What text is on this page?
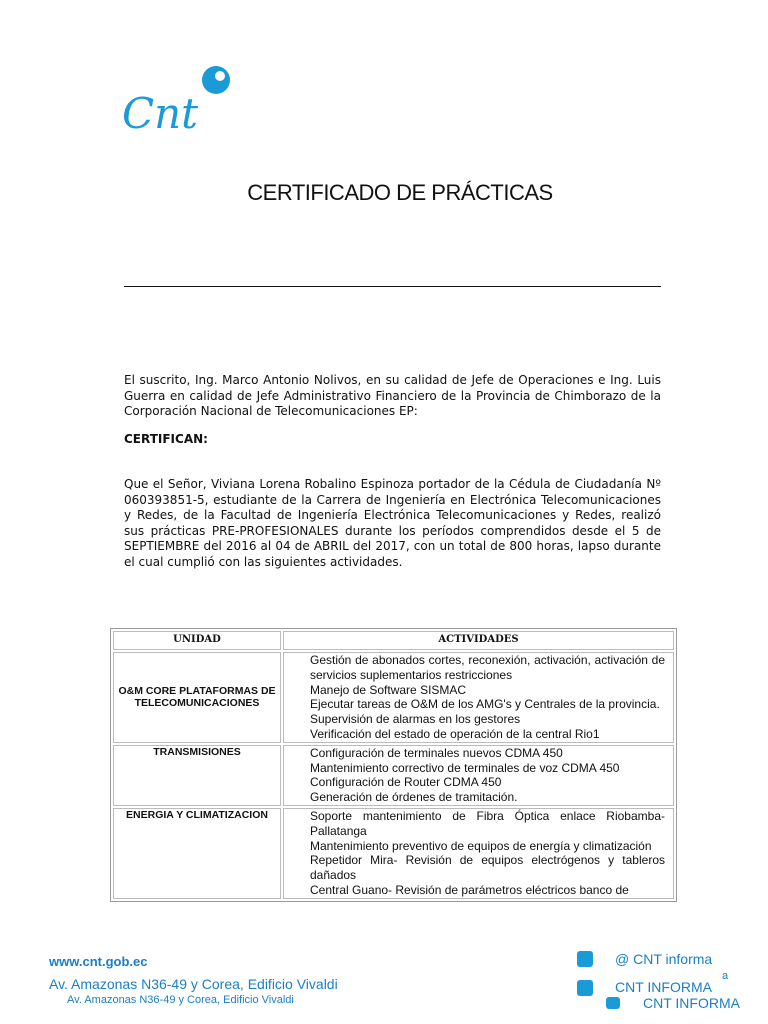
Cnt
CERTIFICADO DE PRÁCTICAS
El suscrito, Ing. Marco Antonio Nolivos, en su calidad de Jefe de Operaciones e Ing. Luis Guerra en calidad de Jefe Administrativo Financiero de la Provincia de Chimborazo de la Corporación Nacional de Telecomunicaciones EP:
CERTIFICAN:
Que el Señor, Viviana Lorena Robalino Espinoza portador de la Cédula de Ciudadanía Nº 060393851-5, estudiante de la Carrera de Ingeniería en Electrónica Telecomunicaciones y Redes, de la Facultad de Ingeniería Electrónica Telecomunicaciones y Redes, realizó sus prácticas PRE-PROFESIONALES durante los períodos comprendidos desde el 5 de SEPTIEMBRE del 2016 al 04 de ABRIL del 2017, con un total de 800 horas, lapso durante el cual cumplió con las siguientes actividades.
UNIDAD	ACTIVIDADES
O&M CORE PLATAFORMAS DE TELECOMUNICACIONES	Gestión de abonados cortes, reconexión, activación, activación de servicios suplementarios restricciones
Manejo de Software SISMAC
Ejecutar tareas de O&M de los AMG's y Centrales de la provincia.
Supervisión de alarmas en los gestores
Verificación del estado de operación de la central Rio1

TRANSMISIONES	Configuración de terminales nuevos CDMA 450
Mantenimiento correctivo de terminales de voz CDMA 450
Configuración de Router CDMA 450
Generación de órdenes de tramitación.

ENERGIA Y CLIMATIZACION	Soporte mantenimiento de Fibra Óptica enlace Riobamba- Pallatanga
Mantenimiento preventivo de equipos de energía y climatización
Repetidor Mira- Revisión de equipos electrógenos y tableros dañados
Central Guano- Revisión de parámetros eléctricos banco de
www.cnt.gob.ec
Av. Amazonas N36-49 y Corea, Edificio Vivaldi
Av. Amazonas N36-49 y Corea, Edificio Vivaldi
@ CNT informa
a
CNT INFORMA
CNT INFORMA
